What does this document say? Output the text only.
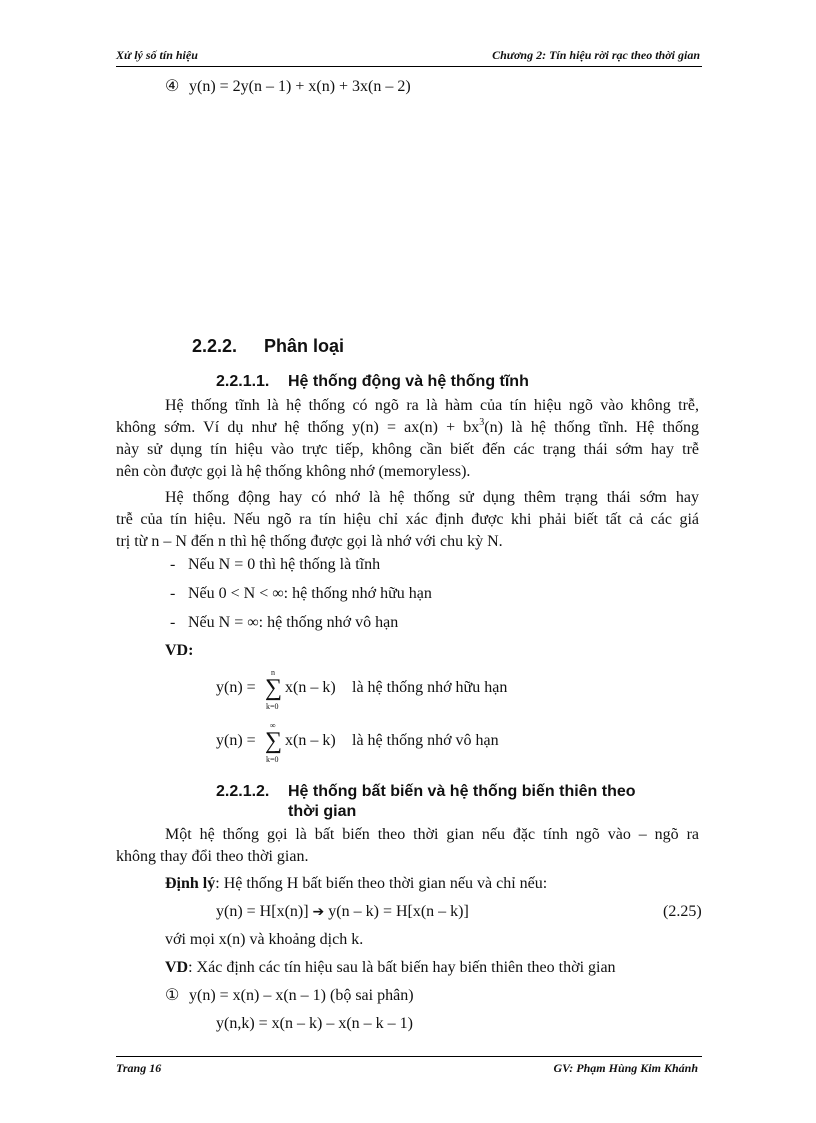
Xử lý số tín hiệu	Chương 2: Tín hiệu rời rạc theo thời gian
④ y(n) = 2y(n – 1) + x(n) + 3x(n – 2)
2.2.2. Phân loại
2.2.1.1. Hệ thống động và hệ thống tĩnh
Hệ thống tĩnh là hệ thống có ngõ ra là hàm của tín hiệu ngõ vào không trễ,
không sớm. Ví dụ như hệ thống $y(n) = ax(n) + bx^3(n)$ là hệ thống tĩnh. Hệ thống
này sử dụng tín hiệu vào trực tiếp, không cần biết đến các trạng thái sớm hay trễ
nên còn được gọi là hệ thống không nhớ (memoryless).
Hệ thống động hay có nhớ là hệ thống sử dụng thêm trạng thái sớm hay
trễ của tín hiệu. Nếu ngõ ra tín hiệu chỉ xác định được khi phải biết tất cả các giá
trị từ n – N đến n thì hệ thống được gọi là nhớ với chu kỳ N.
- Nếu N = 0 thì hệ thống là tĩnh
- Nếu 0 < N < ∞: hệ thống nhớ hữu hạn
- Nếu N = ∞: hệ thống nhớ vô hạn
VD:
y(n) =
n
∑
k=0
x(n – k) là hệ thống nhớ hữu hạn
y(n) =
∞
∑
k=0
x(n – k) là hệ thống nhớ vô hạn
2.2.1.2. Hệ thống bất biến và hệ thống biến thiên theo
thời gian
Một hệ thống gọi là bất biến theo thời gian nếu đặc tính ngõ vào – ngõ ra
không thay đổi theo thời gian.
Định lý: Hệ thống H bất biến theo thời gian nếu và chỉ nếu:
y(n) = H[x(n)] ➔ y(n – k) = H[x(n – k)]	(2.25)
với mọi x(n) và khoảng dịch k.
VD: Xác định các tín hiệu sau là bất biến hay biến thiên theo thời gian
① y(n) = x(n) – x(n – 1) (bộ sai phân)
y(n,k) = x(n – k) – x(n – k – 1)
Trang 16	GV: Phạm Hùng Kim Khánh
